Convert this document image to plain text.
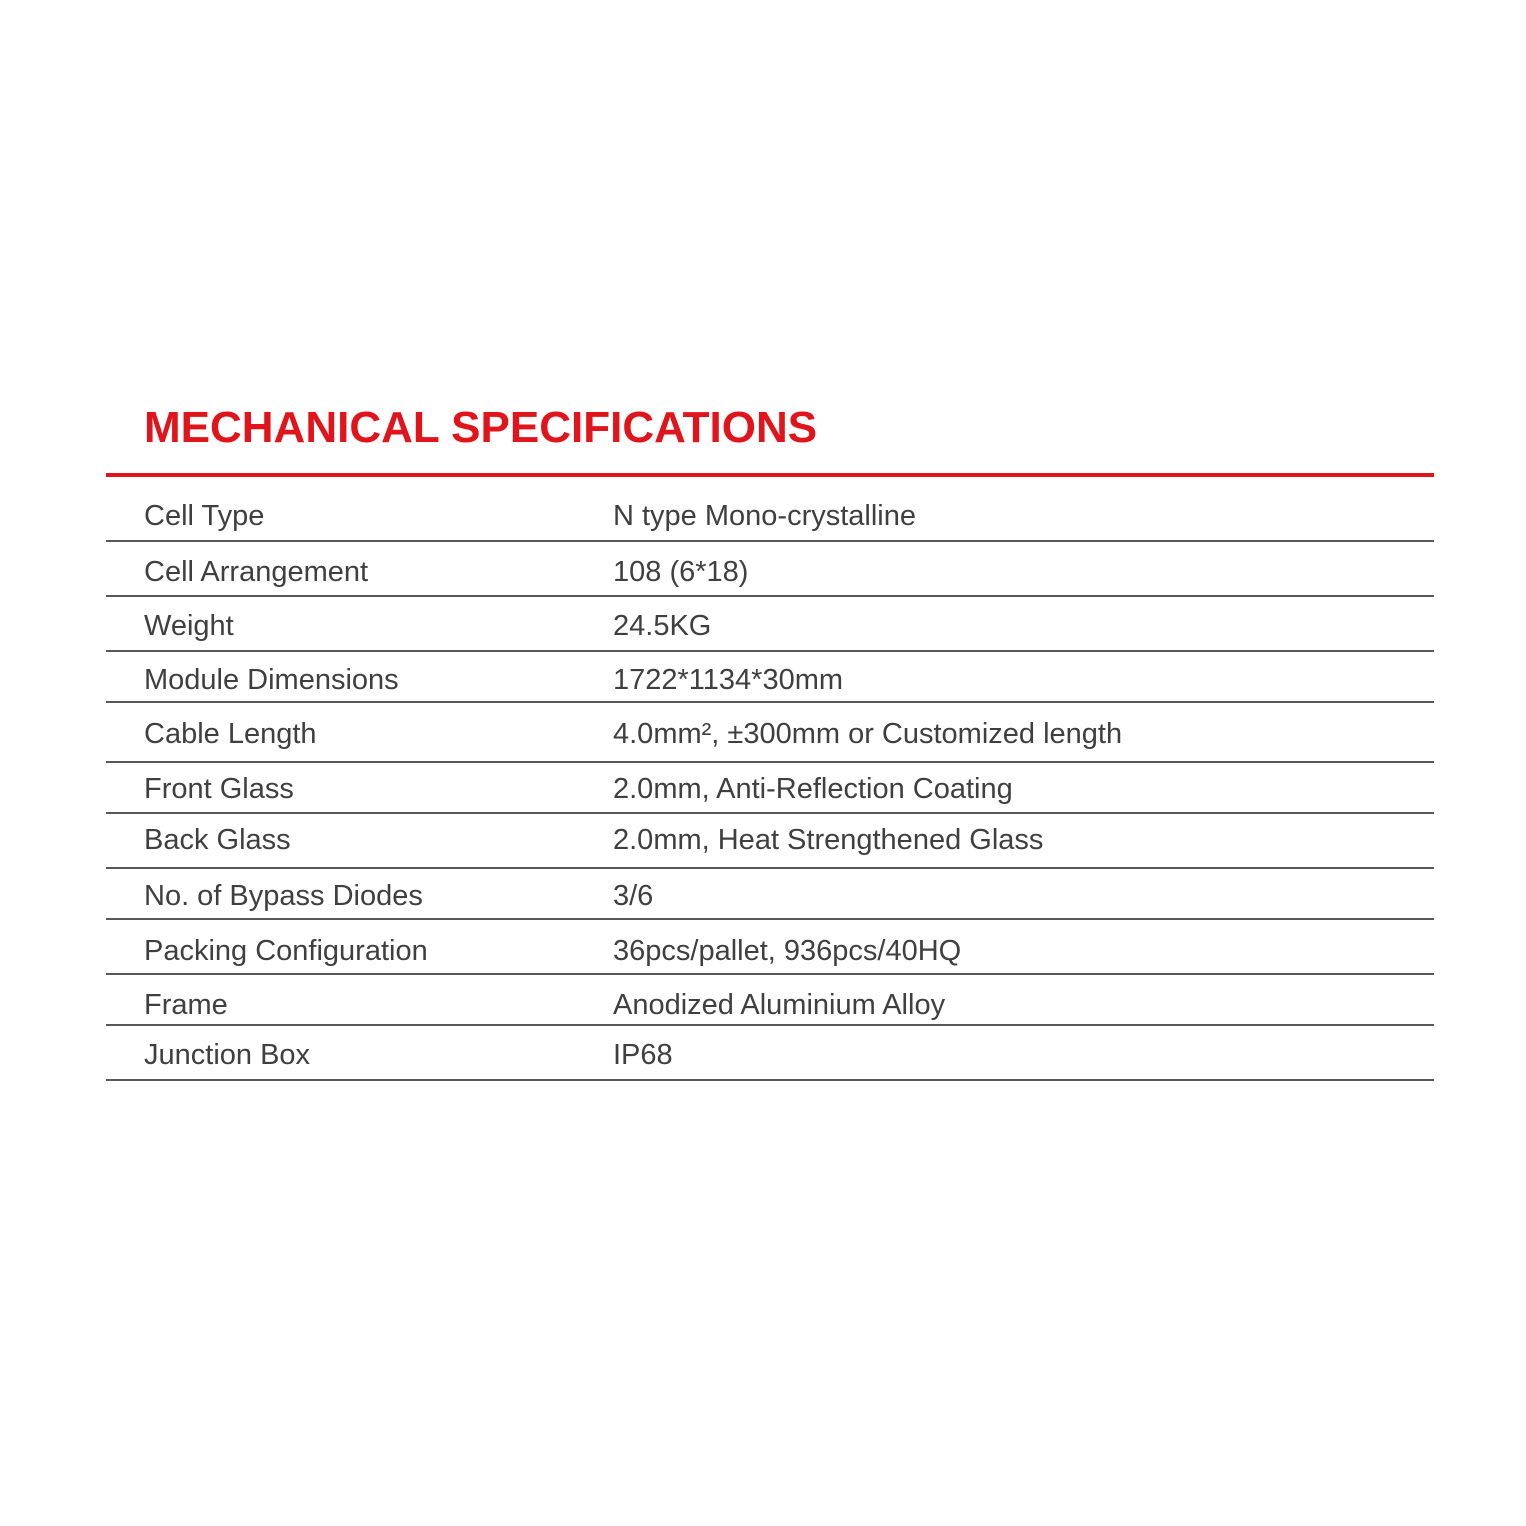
MECHANICAL SPECIFICATIONS
Cell Type	N type Mono-crystalline
Cell Arrangement	108 (6*18)
Weight	24.5KG
Module Dimensions	1722*1134*30mm
Cable Length	4.0mm², ±300mm or Customized length
Front Glass	2.0mm, Anti-Reflection Coating
Back Glass	2.0mm, Heat Strengthened Glass
No. of Bypass Diodes	3/6
Packing Configuration	36pcs/pallet, 936pcs/40HQ
Frame	Anodized Aluminium Alloy
Junction Box	IP68
